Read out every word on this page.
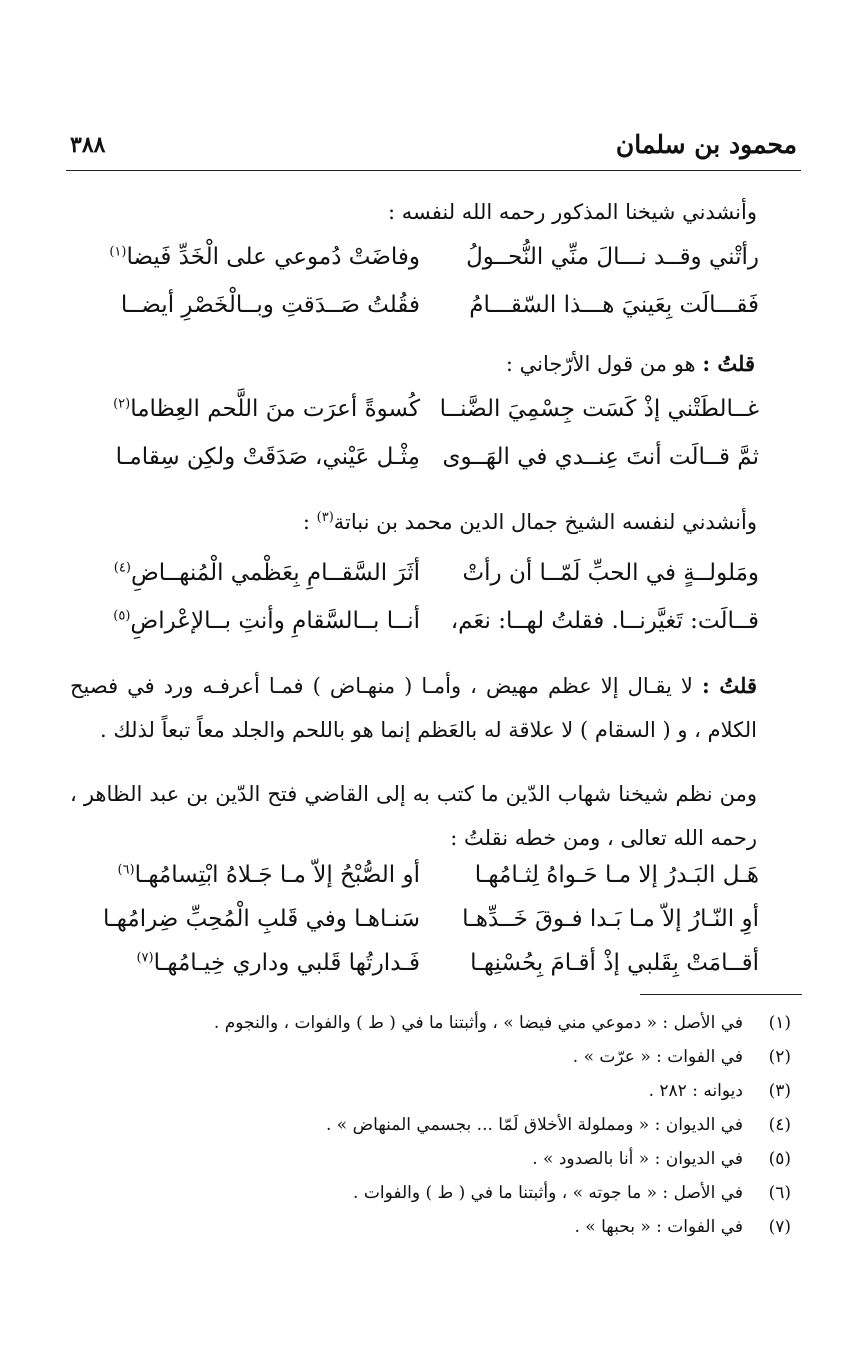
محمود بن سلمان
٣٨٨
وأنشدني شيخنا المذكور رحمه الله لنفسه :
رأتْني وقــد نـــالَ منِّي النُّحــولُ
وفاضَتْ دُموعي على الْخَدِّ فَيضا$^{(١)}$
فَقـــالَت بِعَينيَ هـــذا السّقـــامُ
فقُلتُ صَــدَقتِ وبــالْخَصْرِ أيضــا
قلتُ : هو من قول الأرّجاني :
غــالطَتْني إذْ كَسَت جِسْمِيَ الضَّنــا
كُسوةً أعرَت منَ اللَّحم العِظاما$^{(٢)}$
ثمَّ قــالَت أنتَ عِنــدي في الهَــوى
مِثْـل عَيْني، صَدَقَتْ ولكِن سِقامـا
وأنشدني لنفسه الشيخ جمال الدين محمد بن نباتة$^{(٣)}$ :
ومَلولــةٍ في الحبِّ لَمّــا أن رأتْ
أثَرَ السَّقــامِ بِعَظْمي الْمُنهــاضِ$^{(٤)}$
قــالَت: تَغيَّرنــا. فقلتُ لهــا: نعَم،
أنــا بــالسَّقامِ وأنتِ بــالإعْراضِ$^{(٥)}$
قلتُ : لا يقـال إلا عظم مهيض ، وأمـا ( منهـاض ) فمـا أعرفـه ورد في فصيح الكلام ، و ( السقام ) لا علاقة له بالعَظم إنما هو باللحم والجلد معاً تبعاً لذلك .
ومن نظم شيخنا شهاب الدّين ما كتب به إلى القاضي فتح الدّين بن عبد الظاهر ، رحمه الله تعالى ، ومن خطه نقلتُ :
هَـل البَـدرُ إلا مـا حَـواهُ لِثـامُهـا
أو الصُّبْحُ إلاّ مـا جَـلاهُ ابْتِسامُهـا$^{(٦)}$
أوِ النّـارُ إلاّ مـا بَـدا فـوقَ خَــدِّهـا
سَنـاهـا وفي قَلبِ الْمُحِبِّ ضِرامُهـا
أقــامَتْ بِقَلبي إذْ أقـامَ بِحُسْنِهـا
فَـدارتُها قَلبي وداري خِيـامُهـا$^{(٧)}$
(١)
في الأصل : « دموعي مني فيضا » ، وأثبتنا ما في ( ط ) والفوات ، والنجوم .
(٢)
في الفوات : « عرّت » .
(٣)
ديوانه : ٢٨٢ .
(٤)
في الديوان : « ومملولة الأخلاق لَمّا ... بجسمي المنهاض » .
(٥)
في الديوان : « أنا بالصدود » .
(٦)
في الأصل : « ما جوته » ، وأثبتنا ما في ( ط ) والفوات .
(٧)
في الفوات : « بحبها » .
